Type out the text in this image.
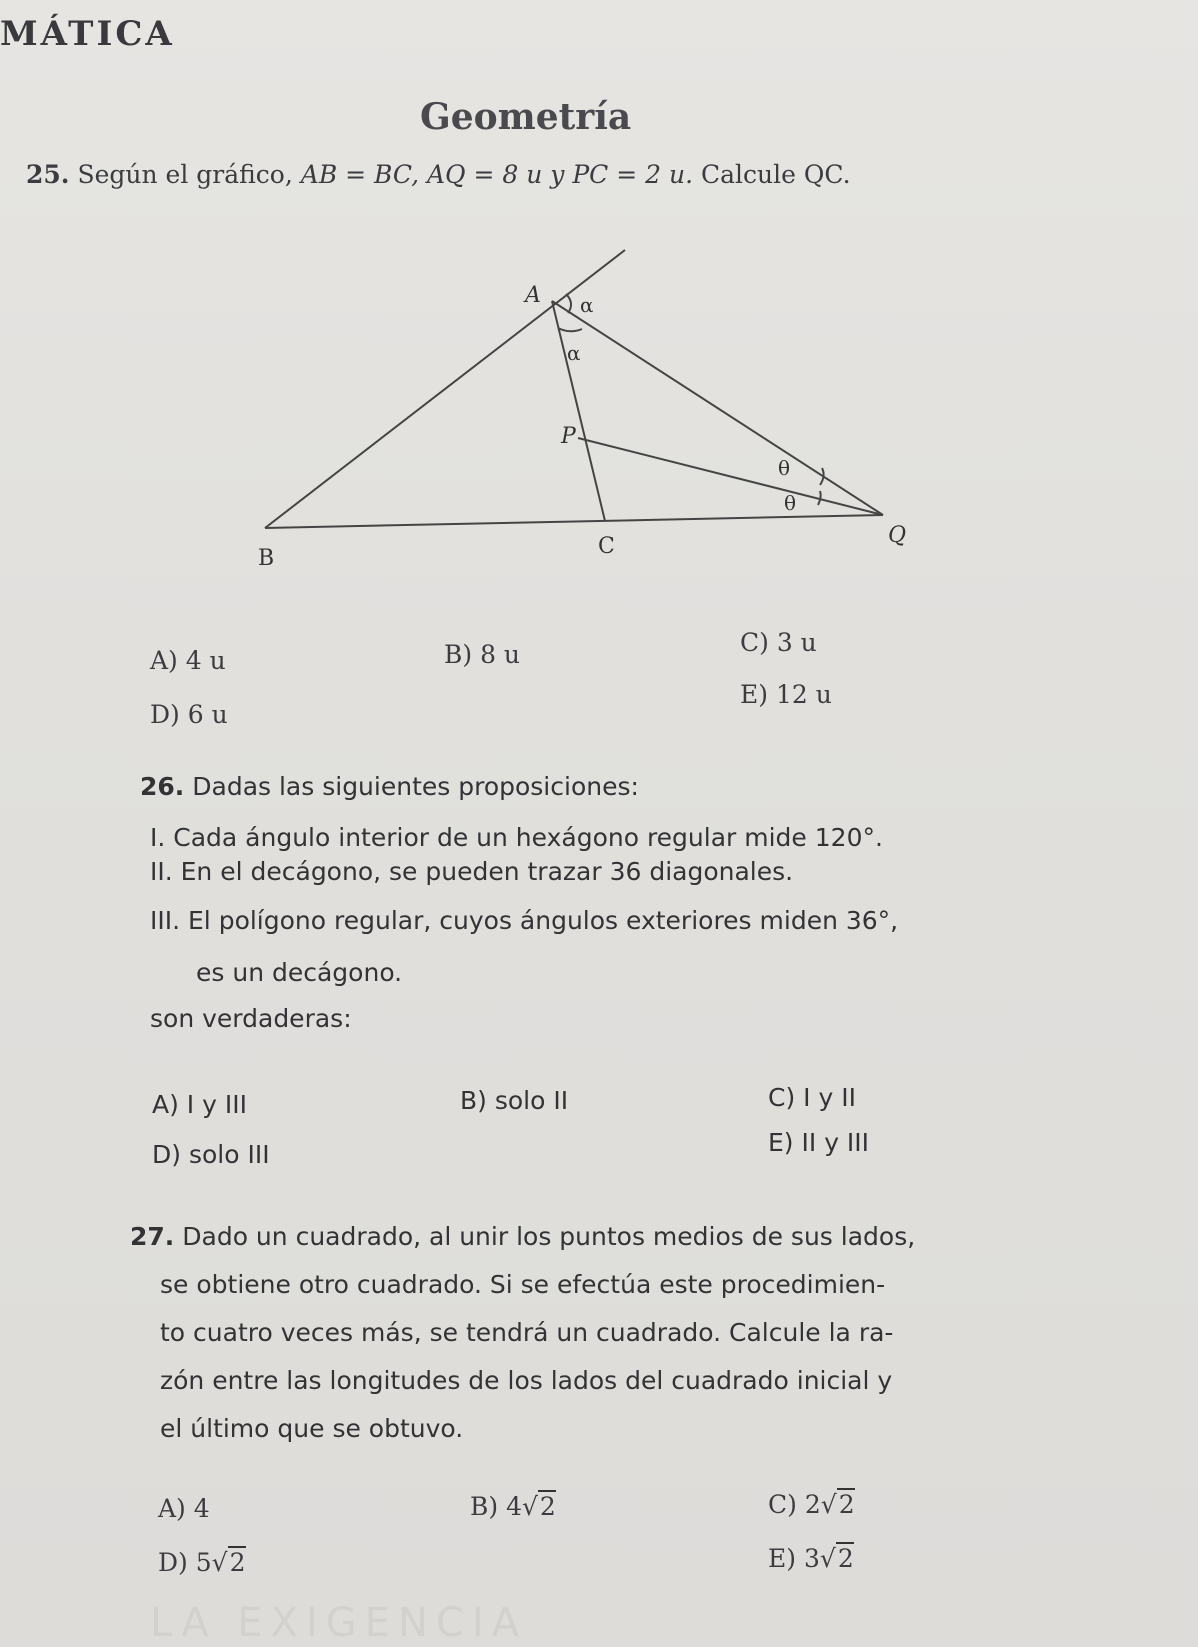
MÁTICA
Geometría
25. Según el gráfico, AB = BC, AQ = 8 u y PC = 2 u. Calcule QC.
A
B	C
P
Q
α
α
θ
θ
A) 4 u	B) 8 u	C) 3 u
D) 6 u
E) 12 u
26. Dadas las siguientes proposiciones:
I. Cada ángulo interior de un hexágono regular mide 120°.
II. En el decágono, se pueden trazar 36 diagonales.
III. El polígono regular, cuyos ángulos exteriores miden 36°,
es un decágono.
son verdaderas:
A) I y III	B) solo II	C) I y II
D) solo III	E) II y III
27. Dado un cuadrado, al unir los puntos medios de sus lados,
se obtiene otro cuadrado. Si se efectúa este procedimien-
to cuatro veces más, se tendrá un cuadrado. Calcule la ra-
zón entre las longitudes de los lados del cuadrado inicial y
el último que se obtuvo.
A) 4	B) 4√2	C) 2√2
D) 5√2	E) 3√2
LA EXIGENCIA
